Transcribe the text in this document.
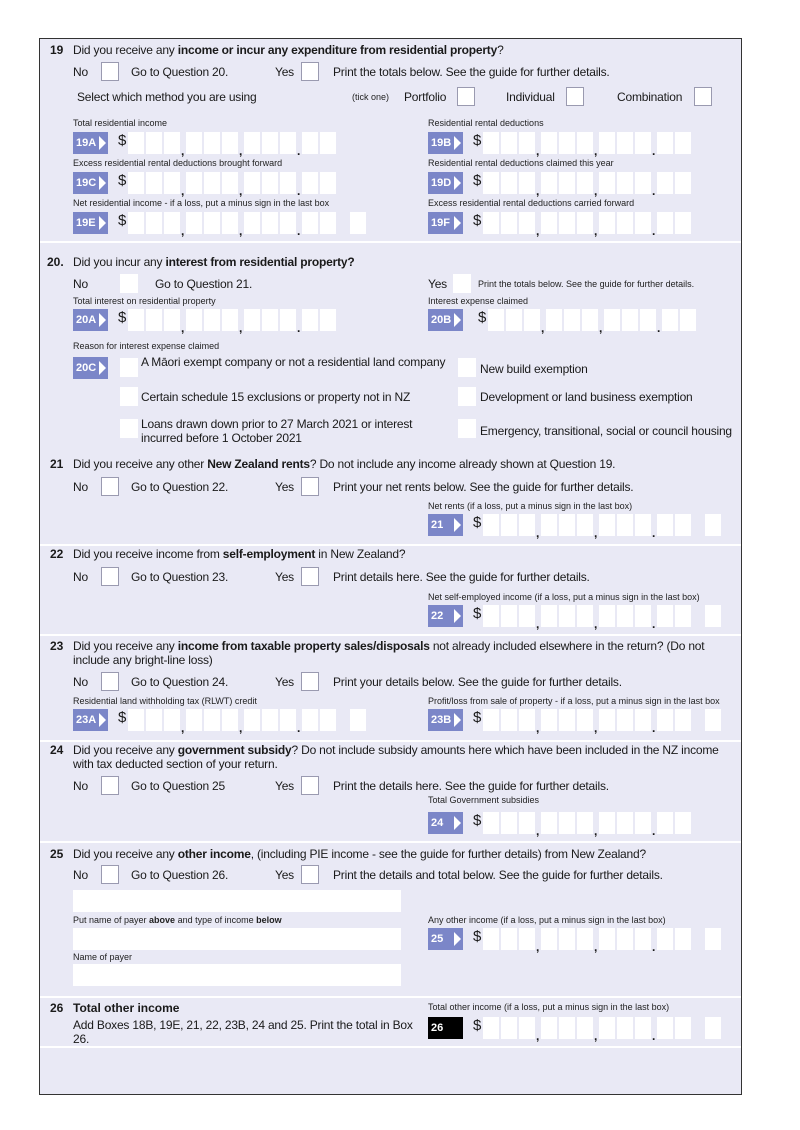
19 Did you receive any income or incur any expenditure from residential property?
No	Go to Question 20.	Yes	Print the totals below. See the guide for further details.
Select which method you are using	(tick one) Portfolio	Individual	Combination
Total residential income
19A	$
,	,	.
Residential rental deductions
19B	$
,	,	.
Excess residential rental deductions brought forward
19C	$
,	,	.
Residential rental deductions claimed this year
19D	$
,	,	.
Net residential income - if a loss, put a minus sign in the last box
19E	$
,	,	.
Excess residential rental deductions carried forward
19F	$
,	,	.
20. Did you incur any interest from residential property?
No	Go to Question 21.	Yes	Print the totals below. See the guide for further details.
Total interest on residential property
20A	$
,	,	.
Interest expense claimed
20B	$
,	,	.
Reason for interest expense claimed
20C	A Māori exempt company or not a residential land company
Certain schedule 15 exclusions or property not in NZ
Loans drawn down prior to 27 March 2021 or interest
incurred before 1 October 2021
New build exemption
Development or land business exemption
Emergency, transitional, social or council housing
21 Did you receive any other New Zealand rents? Do not include any income already shown at Question 19.
No	Go to Question 22.	Yes	Print your net rents below. See the guide for further details.
Net rents (if a loss, put a minus sign in the last box)
21	$
,	,	.
22 Did you receive income from self-employment in New Zealand?
No	Go to Question 23.	Yes	Print details here. See the guide for further details.
Net self-employed income (if a loss, put a minus sign in the last box)
22	$
,	,	.
23 Did you receive any income from taxable property sales/disposals not already included elsewhere in the return? (Do not
include any bright-line loss)
No	Go to Question 24.	Yes	Print your details below. See the guide for further details.
Residential land withholding tax (RLWT) credit
23A	$
,	,	.
Profit/loss from sale of property - if a loss, put a minus sign in the last box
23B	$
,	,	.
24 Did you receive any government subsidy? Do not include subsidy amounts here which have been included in the NZ income
with tax deducted section of your return.
No	Go to Question 25	Yes	Print the details here. See the guide for further details.
Total Government subsidies
24	$
,	,	.
25 Did you receive any other income, (including PIE income - see the guide for further details) from New Zealand?
No	Go to Question 26.	Yes	Print the details and total below. See the guide for further details.
Put name of payer above and type of income below
Name of payer
Any other income (if a loss, put a minus sign in the last box)
25	$
,	,	.
26 Total other income
Add Boxes 18B, 19E, 21, 22, 23B, 24 and 25. Print the total in Box 26.
Total other income (if a loss, put a minus sign in the last box)
26	$
,	,	.
